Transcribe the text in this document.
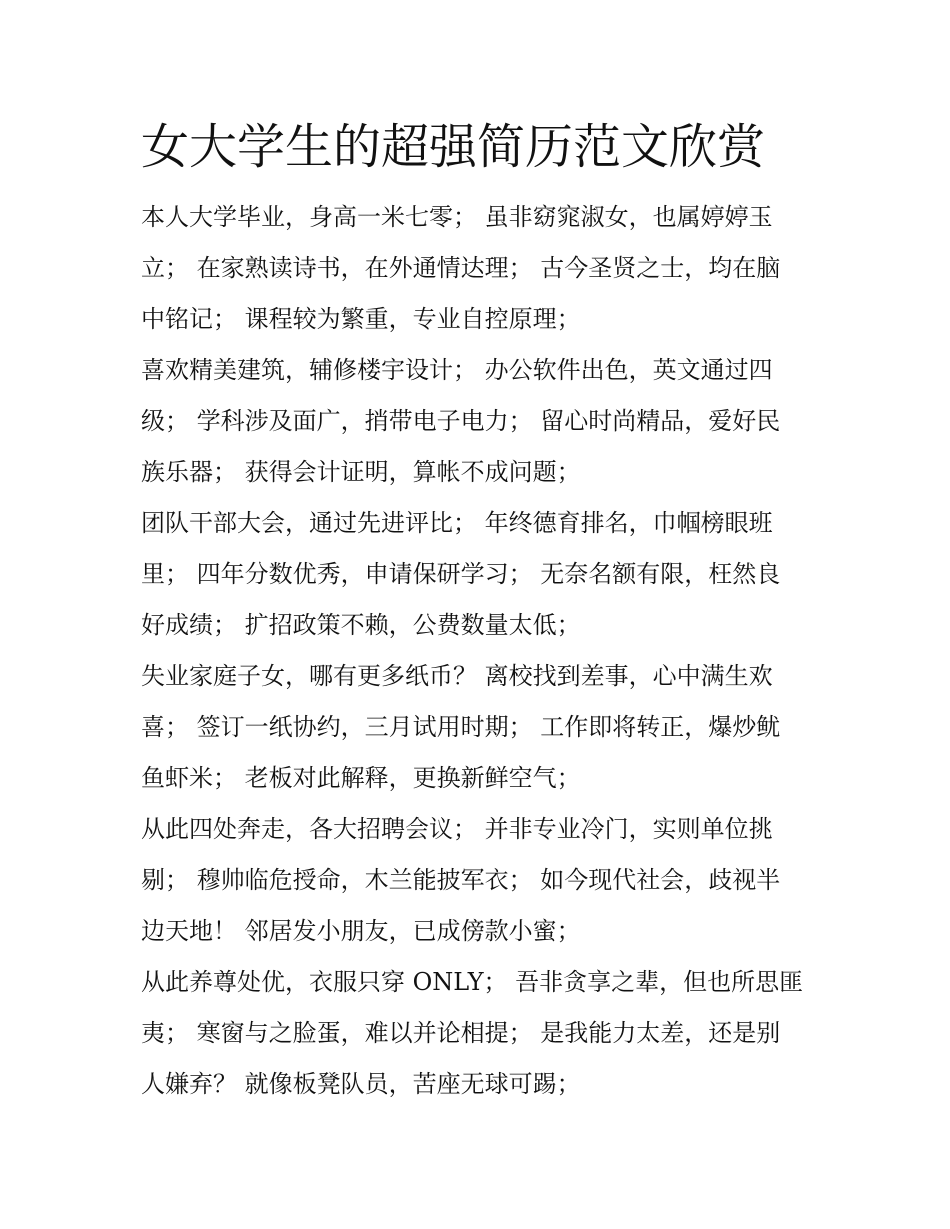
女大学生的超强简历范文欣赏
本人大学毕业，身高一米七零； 虽非窈窕淑女，也属婷婷玉
立； 在家熟读诗书，在外通情达理； 古今圣贤之士，均在脑
中铭记； 课程较为繁重，专业自控原理；
喜欢精美建筑，辅修楼宇设计； 办公软件出色，英文通过四
级； 学科涉及面广，捎带电子电力； 留心时尚精品，爱好民
族乐器； 获得会计证明，算帐不成问题；
团队干部大会，通过先进评比； 年终德育排名，巾帼榜眼班
里； 四年分数优秀，申请保研学习； 无奈名额有限，枉然良
好成绩； 扩招政策不赖，公费数量太低；
失业家庭子女，哪有更多纸币？ 离校找到差事，心中满生欢
喜； 签订一纸协约，三月试用时期； 工作即将转正，爆炒鱿
鱼虾米； 老板对此解释，更换新鲜空气；
从此四处奔走，各大招聘会议； 并非专业冷门，实则单位挑
剔； 穆帅临危授命，木兰能披军衣； 如今现代社会，歧视半
边天地！ 邻居发小朋友，已成傍款小蜜；
从此养尊处优，衣服只穿 ONLY； 吾非贪享之辈，但也所思匪
夷； 寒窗与之脸蛋，难以并论相提； 是我能力太差，还是别
人嫌弃？ 就像板凳队员，苦座无球可踢；
